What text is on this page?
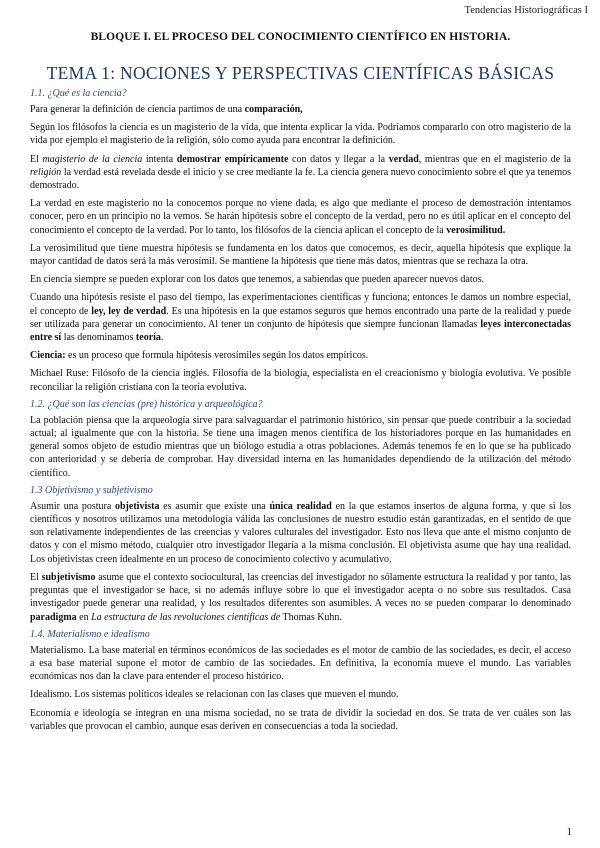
Tendencias Historiográficas I
BLOQUE I. EL PROCESO DEL CONOCIMIENTO CIENTÍFICO EN HISTORIA.
TEMA 1: NOCIONES Y PERSPECTIVAS CIENTÍFICAS BÁSICAS
1.1. ¿Qué es la ciencia?

Para generar la definición de ciencia partimos de una comparación,

Según los filósofos la ciencia es un magisterio de la vida, que intenta explicar la vida. Podríamos compararlo con otro magisterio de la vida por ejemplo el magisterio de la religión, sólo como ayuda para encontrar la definición.

El magisterio de la ciencia intenta demostrar empíricamente con datos y llegar a la verdad, mientras que en el magisterio de la religión la verdad está revelada desde el inicio y se cree mediante la fe. La ciencia genera nuevo conocimiento sobre el que ya tenemos demostrado.

La verdad en este magisterio no la conocemos porque no viene dada, es algo que mediante el proceso de demostración intentamos conocer, pero en un principio no la vemos. Se harán hipótesis sobre el concepto de la verdad, pero no es útil aplicar en el concepto del conocimiento el concepto de la verdad. Por lo tanto, los filósofos de la ciencia aplican el concepto de la verosimilitud.

La verosimilitud que tiene muestra hipótesis se fundamenta en los datos que conocemos, es decir, aquella hipótesis que explique la mayor cantidad de datos será la más verosímil. Se mantiene la hipótesis que tiene más datos, mientras que se rechaza la otra.

En ciencia siempre se pueden explorar con los datos que tenemos, a sabiendas que pueden aparecer nuevos datos.

Cuando una hipótesis resiste el paso del tiempo, las experimentaciones científicas y funciona; entonces le damos un nombre especial, el concepto de ley, ley de verdad. Es una hipótesis en la que estamos seguros que hemos encontrado una parte de la realidad y puede ser utilizada para generar un conocimiento. Al tener un conjunto de hipótesis que siempre funcionan llamadas leyes interconectadas entre sí las denominamos teoría.

Ciencia: es un proceso que formula hipótesis verosímiles según los datos empíricos.

Michael Ruse: Filósofo de la ciencia inglés. Filosofía de la biología, especialista en el creacionismo y biología evolutiva. Ve posible reconciliar la religión cristiana con la teoría evolutiva.

1.2. ¿Qué son las ciencias (pre) histórica y arqueológica?

La población piensa que la arqueología sirve para salvaguardar el patrimonio histórico, sin pensar que puede contribuir a la sociedad actual; al igualmente que con la historia. Se tiene una imagen menos científica de los historiadores porque en las humanidades en general somos objeto de estudio mientras que un biólogo estudia a otras poblaciones. Además tenemos fe en lo que se ha publicado con anterioridad y se debería de comprobar. Hay diversidad interna en las humanidades dependiendo de la utilización del método científico.

1.3 Objetivismo y subjetivismo

Asumir una postura objetivista es asumir que existe una única realidad en la que estamos insertos de alguna forma, y que si los científicos y nosotros utilizamos una metodología válida las conclusiones de nuestro estudio están garantizadas, en el sentido de que son relativamente independientes de las creencias y valores culturales del investigador. Esto nos lleva que ante el mismo conjunto de datos y con el mismo método, cualquier otro investigador llegaría a la misma conclusión. El objetivista asume que hay una realidad. Los objetivistas creen idealmente en un proceso de conocimiento colectivo y acumulativo.

El subjetivismo asume que el contexto sociocultural, las creencias del investigador no sólamente estructura la realidad y por tanto, las preguntas que el investigador se hace, si no además influye sobre lo que el investigador acepta o no sobre sus resultados. Casa investigador puede generar una realidad, y los resultados diferentes son asumibles. A veces no se pueden comparar lo denominado paradigma en La estructura de las revoluciones científicas de Thomas Kuhn.

1.4. Materialismo e idealismo

Materialismo. La base material en términos económicos de las sociedades es el motor de cambio de las sociedades, es decir, el acceso a esa base material supone el motor de cambio de las sociedades. En definitiva, la economía mueve el mundo. Las variables económicas nos dan la clave para entender el proceso histórico.

Idealismo. Los sistemas políticos ideales se relacionan con las clases que mueven el mundo.

Economía e ideología se integran en una misma sociedad, no se trata de dividir la sociedad en dos. Se trata de ver cuáles son las variables que provocan el cambio, aunque esas deriven en consecuencias a toda la sociedad.

1
